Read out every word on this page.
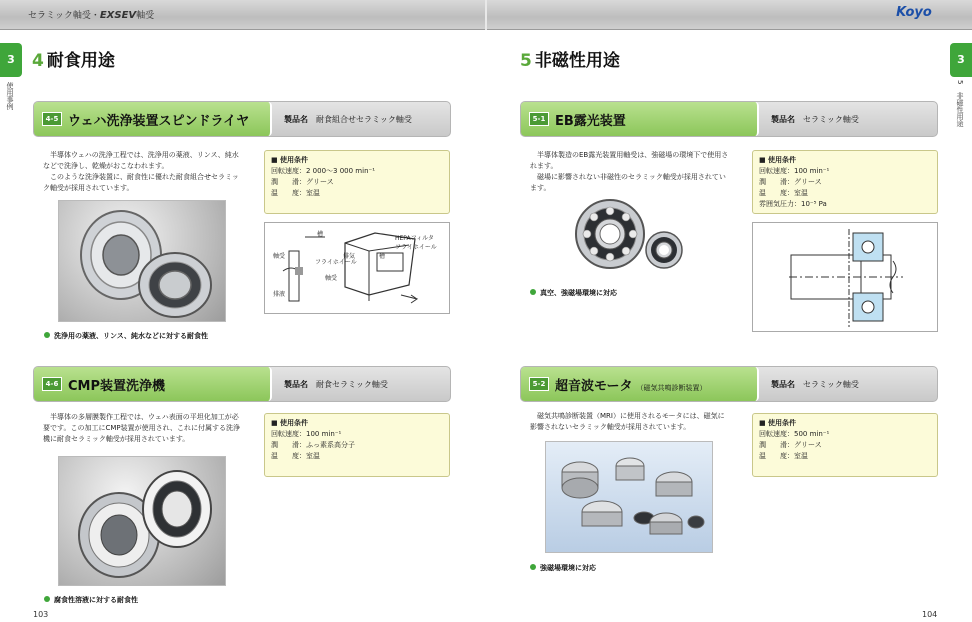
セラミック軸受・EXSEV軸受	Koyo
3
使用事例
3
5
非磁性用途
4 耐食用途	5 非磁性用途
4-5 ウェハ洗浄装置スピンドライヤ	製品名 耐食組合せセラミック軸受

半導体ウェハの洗浄工程では、洗浄用の薬液、リンス、純水などで洗浄し、乾燥がおこなわれます。

このような洗浄装置に、耐食性に優れた耐食組合せセラミック軸受が採用されています。

■ 使用条件
回転速度：2 000～3 000 min⁻¹
潤　　滑：グリース
温　　度：室温
HEPAフィルタ
フライホイール
軸受
槽
フライホイール
排気
軸受
排液
槽
洗浄用の薬液、リンス、純水などに対する耐食性
4-6 CMP装置洗浄機	製品名 耐食セラミック軸受

半導体の多層膜製作工程では、ウェハ表面の平坦化加工が必要です。この加工にCMP装置が使用され、これに付属する洗浄機に耐食セラミック軸受が採用されています。

■ 使用条件
回転速度：100 min⁻¹
潤　　滑：ふっ素系高分子
温　　度：室温
腐食性溶液に対する耐食性
5-1 EB露光装置	製品名 セラミック軸受

半導体製造のEB露光装置用軸受は、強磁場の環境下で使用されます。

磁場に影響されない非磁性のセラミック軸受が採用されています。

■ 使用条件
回転速度：100 min⁻¹
潤　　滑：グリース
温　　度：室温
雰囲気圧力：10⁻⁵ Pa
真空、強磁場環境に対応
5-2 超音波モータ （磁気共鳴診断装置）	製品名 セラミック軸受

磁気共鳴診断装置（MRI）に使用されるモータには、磁気に影響されないセラミック軸受が採用されています。	■ 使用条件
回転速度：500 min⁻¹
潤　　滑：グリース
温　　度：室温
強磁場環境に対応
103	104
